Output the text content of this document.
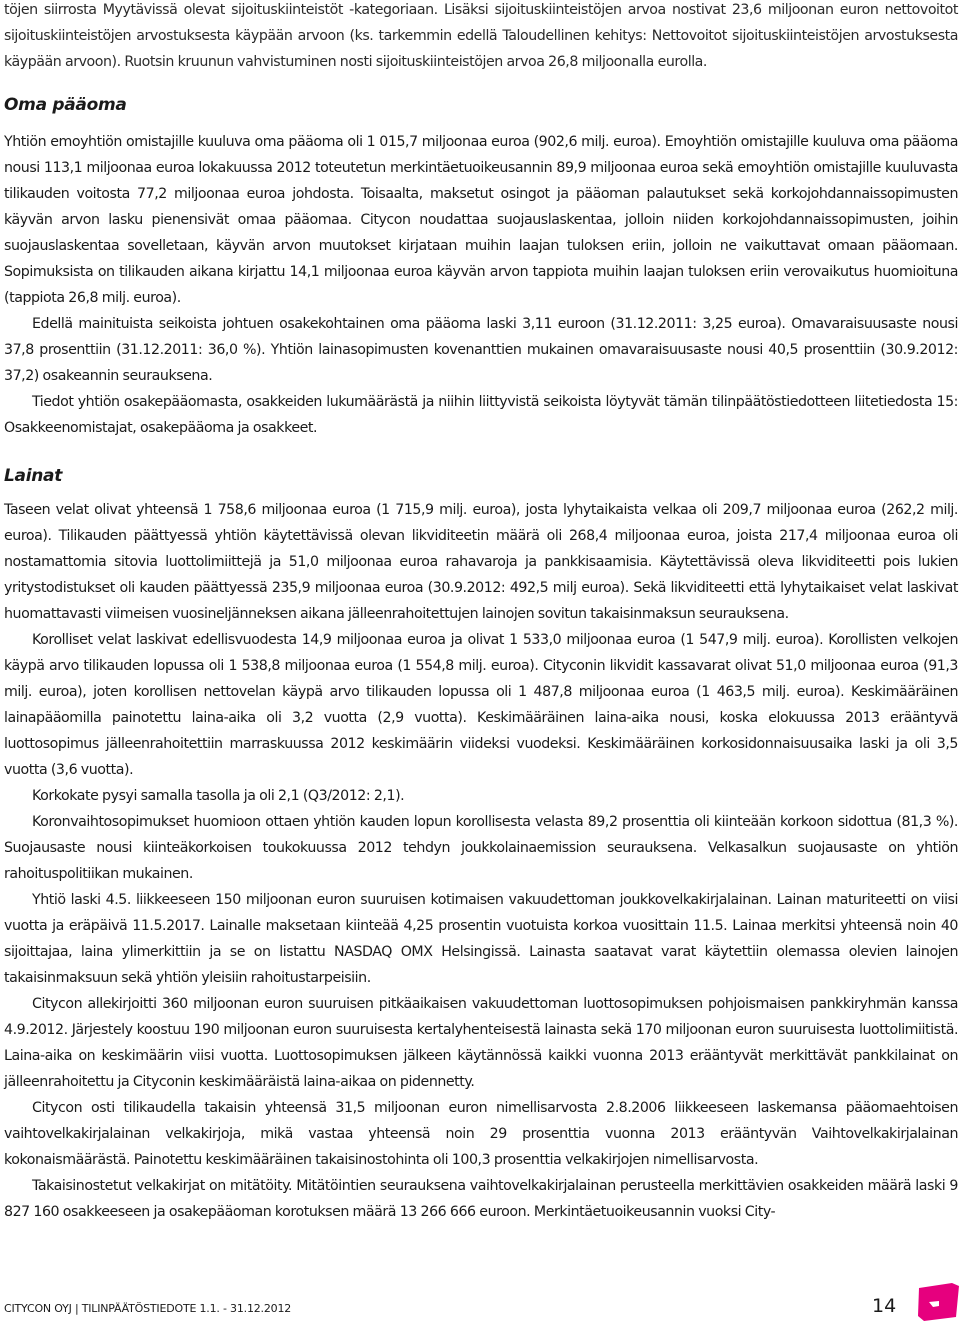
töjen siirrosta Myytävissä olevat sijoituskiinteistöt -kategoriaan. Lisäksi sijoituskiinteistöjen arvoa nostivat 23,6 miljoonan euron nettovoitot sijoituskiinteistöjen arvostuksesta käypään arvoon (ks. tarkemmin edellä Taloudellinen kehitys: Nettovoitot sijoituskiinteistöjen arvostuksesta käypään arvoon). Ruotsin kruunun vahvistuminen nosti sijoituskiinteistöjen arvoa 26,8 miljoonalla eurolla.

Oma pääoma

Yhtiön emoyhtiön omistajille kuuluva oma pääoma oli 1 015,7 miljoonaa euroa (902,6 milj. euroa). Emoyhtiön omistajille kuuluva oma pääoma nousi 113,1 miljoonaa euroa lokakuussa 2012 toteutetun merkintäetuoikeusannin 89,9 miljoonaa euroa sekä emoyhtiön omistajille kuuluvasta tilikauden voitosta 77,2 miljoonaa euroa johdosta. Toisaalta, maksetut osingot ja pääoman palautukset sekä korkojohdannaissopimusten käyvän arvon lasku pienensivät omaa pääomaa. Citycon noudattaa suojauslaskentaa, jolloin niiden korkojohdannaissopimusten, joihin suojauslaskentaa sovelletaan, käyvän arvon muutokset kirjataan muihin laajan tuloksen eriin, jolloin ne vaikuttavat omaan pääomaan. Sopimuksista on tilikauden aikana kirjattu 14,1 miljoonaa euroa käyvän arvon tappiota muihin laajan tuloksen eriin verovaikutus huomioituna (tappiota 26,8 milj. euroa).

Edellä mainituista seikoista johtuen osakekohtainen oma pääoma laski 3,11 euroon (31.12.2011: 3,25 euroa). Omavaraisuusaste nousi 37,8 prosenttiin (31.12.2011: 36,0 %). Yhtiön lainasopimusten kovenanttien mukainen omavaraisuusaste nousi 40,5 prosenttiin (30.9.2012: 37,2) osakeannin seurauksena.

Tiedot yhtiön osakepääomasta, osakkeiden lukumäärästä ja niihin liittyvistä seikoista löytyvät tämän tilinpäätöstiedotteen liitetiedosta 15: Osakkeenomistajat, osakepääoma ja osakkeet.

Lainat

Taseen velat olivat yhteensä 1 758,6 miljoonaa euroa (1 715,9 milj. euroa), josta lyhytaikaista velkaa oli 209,7 miljoonaa euroa (262,2 milj. euroa). Tilikauden päättyessä yhtiön käytettävissä olevan likviditeetin määrä oli 268,4 miljoonaa euroa, joista 217,4 miljoonaa euroa oli nostamattomia sitovia luottolimiittejä ja 51,0 miljoonaa euroa rahavaroja ja pankkisaamisia. Käytettävissä oleva likviditeetti pois lukien yritystodistukset oli kauden päättyessä 235,9 miljoonaa euroa (30.9.2012: 492,5 milj euroa). Sekä likviditeetti että lyhytaikaiset velat laskivat huomattavasti viimeisen vuosineljänneksen aikana jälleenrahoitettujen lainojen sovitun takaisinmaksun seurauksena.

Korolliset velat laskivat edellisvuodesta 14,9 miljoonaa euroa ja olivat 1 533,0 miljoonaa euroa (1 547,9 milj. euroa). Korollisten velkojen käypä arvo tilikauden lopussa oli 1 538,8 miljoonaa euroa (1 554,8 milj. euroa). Cityconin likvidit kassavarat olivat 51,0 miljoonaa euroa (91,3 milj. euroa), joten korollisen nettovelan käypä arvo tilikauden lopussa oli 1 487,8 miljoonaa euroa (1 463,5 milj. euroa). Keskimääräinen lainapääomilla painotettu laina-aika oli 3,2 vuotta (2,9 vuotta). Keskimääräinen laina-aika nousi, koska elokuussa 2013 erääntyvä luottosopimus jälleenrahoitettiin marraskuussa 2012 keskimäärin viideksi vuodeksi. Keskimääräinen korkosidonnaisuusaika laski ja oli 3,5 vuotta (3,6 vuotta).

Korkokate pysyi samalla tasolla ja oli 2,1 (Q3/2012: 2,1).

Koronvaihtosopimukset huomioon ottaen yhtiön kauden lopun korollisesta velasta 89,2 prosenttia oli kiinteään korkoon sidottua (81,3 %). Suojausaste nousi kiinteäkorkoisen toukokuussa 2012 tehdyn joukkolainaemission seurauksena. Velkasalkun suojausaste on yhtiön rahoituspolitiikan mukainen.

Yhtiö laski 4.5. liikkeeseen 150 miljoonan euron suuruisen kotimaisen vakuudettoman joukkovelkakirjalainan. Lainan maturiteetti on viisi vuotta ja eräpäivä 11.5.2017. Lainalle maksetaan kiinteää 4,25 prosentin vuotuista korkoa vuosittain 11.5. Lainaa merkitsi yhteensä noin 40 sijoittajaa, laina ylimerkittiin ja se on listattu NASDAQ OMX Helsingissä. Lainasta saatavat varat käytettiin olemassa olevien lainojen takaisinmaksuun sekä yhtiön yleisiin rahoitustarpeisiin.

Citycon allekirjoitti 360 miljoonan euron suuruisen pitkäaikaisen vakuudettoman luottosopimuksen pohjoismaisen pankkiryhmän kanssa 4.9.2012. Järjestely koostuu 190 miljoonan euron suuruisesta kertalyhenteisestä lainasta sekä 170 miljoonan euron suuruisesta luottolimiitistä. Laina-aika on keskimäärin viisi vuotta. Luottosopimuksen jälkeen käytännössä kaikki vuonna 2013 erääntyvät merkittävät pankkilainat on jälleenrahoitettu ja Cityconin keskimääräistä laina-aikaa on pidennetty.

Citycon osti tilikaudella takaisin yhteensä 31,5 miljoonan euron nimellisarvosta 2.8.2006 liikkeeseen laskemansa pääomaehtoisen vaihtovelkakirjalainan velkakirjoja, mikä vastaa yhteensä noin 29 prosenttia vuonna 2013 erääntyvän Vaihtovelkakirjalainan kokonaismäärästä. Painotettu keskimääräinen takaisinostohinta oli 100,3 prosenttia velkakirjojen nimellisarvosta.

Takaisinostetut velkakirjat on mitätöity. Mitätöintien seurauksena vaihtovelkakirjalainan perusteella merkittävien osakkeiden määrä laski 9 827 160 osakkeeseen ja osakepääoman korotuksen määrä 13 266 666 euroon. Merkintäetuoikeusannin vuoksi City-

CITYCON OYJ | TILINPÄÄTÖSTIEDOTE 1.1. - 31.12.2012	14
